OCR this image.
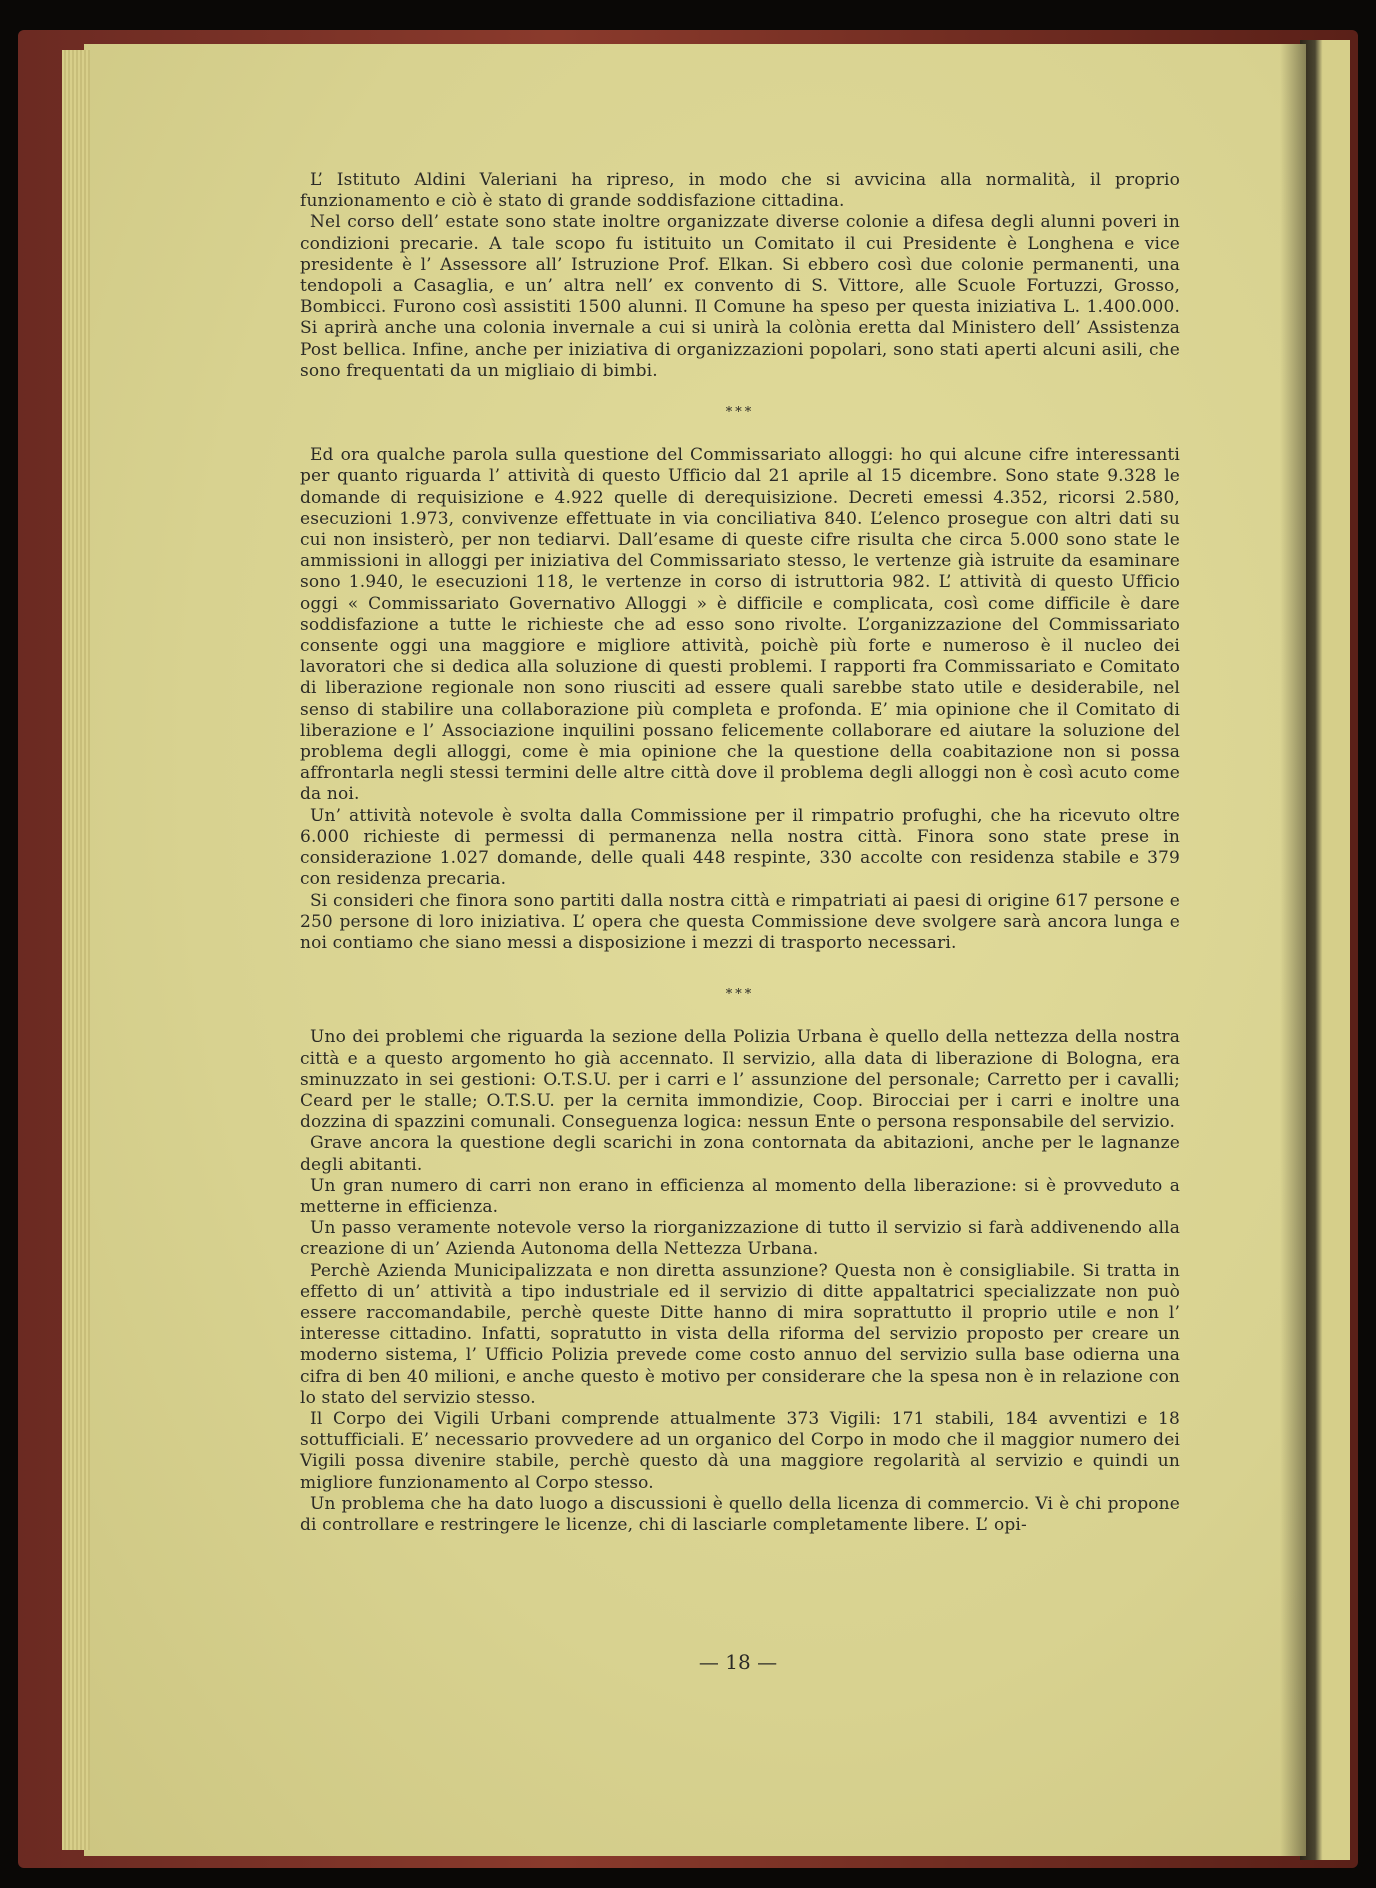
L’ Istituto Aldini Valeriani ha ripreso, in modo che si avvicina alla normalità, il proprio funzionamento e ciò è stato di grande soddisfazione cittadina.

Nel corso dell’ estate sono state inoltre organizzate diverse colonie a difesa degli alunni poveri in condizioni precarie. A tale scopo fu istituito un Comitato il cui Presidente è Longhena e vice presidente è l’ Assessore all’ Istruzione Prof. Elkan. Si ebbero così due colonie permanenti, una tendopoli a Casaglia, e un’ altra nell’ ex convento di S. Vittore, alle Scuole Fortuzzi, Grosso, Bombicci. Furono così assistiti 1500 alunni. Il Comune ha speso per questa iniziativa L. 1.400.000. Si aprirà anche una colonia invernale a cui si unirà la colònia eretta dal Ministero dell’ Assistenza Post bellica. Infine, anche per iniziativa di organizzazioni popolari, sono stati aperti alcuni asili, che sono frequentati da un migliaio di bimbi.

***

Ed ora qualche parola sulla questione del Commissariato alloggi: ho qui alcune cifre interessanti per quanto riguarda l’ attività di questo Ufficio dal 21 aprile al 15 dicembre. Sono state 9.328 le domande di requisizione e 4.922 quelle di derequisizione. Decreti emessi 4.352, ricorsi 2.580, esecuzioni 1.973, convivenze effettuate in via conciliativa 840. L’elenco prosegue con altri dati su cui non insisterò, per non tediarvi. Dall’esame di queste cifre risulta che circa 5.000 sono state le ammissioni in alloggi per iniziativa del Commissariato stesso, le vertenze già istruite da esaminare sono 1.940, le esecuzioni 118, le vertenze in corso di istruttoria 982. L’ attività di questo Ufficio oggi « Commissariato Governativo Alloggi » è difficile e complicata, così come difficile è dare soddisfazione a tutte le richieste che ad esso sono rivolte. L’organizzazione del Commissariato consente oggi una maggiore e migliore attività, poichè più forte e numeroso è il nucleo dei lavoratori che si dedica alla soluzione di questi problemi. I rapporti fra Commissariato e Comitato di liberazione regionale non sono riusciti ad essere quali sarebbe stato utile e desiderabile, nel senso di stabilire una collaborazione più completa e profonda. E’ mia opinione che il Comitato di liberazione e l’ Associazione inquilini possano felicemente collaborare ed aiutare la soluzione del problema degli alloggi, come è mia opinione che la questione della coabitazione non si possa affrontarla negli stessi termini delle altre città dove il problema degli alloggi non è così acuto come da noi.

Un’ attività notevole è svolta dalla Commissione per il rimpatrio profughi, che ha ricevuto oltre 6.000 richieste di permessi di permanenza nella nostra città. Finora sono state prese in considerazione 1.027 domande, delle quali 448 respinte, 330 accolte con residenza stabile e 379 con residenza precaria.

Si consideri che finora sono partiti dalla nostra città e rimpatriati ai paesi di origine 617 persone e 250 persone di loro iniziativa. L’ opera che questa Commissione deve svolgere sarà ancora lunga e noi contiamo che siano messi a disposizione i mezzi di trasporto necessari.

***

Uno dei problemi che riguarda la sezione della Polizia Urbana è quello della nettezza della nostra città e a questo argomento ho già accennato. Il servizio, alla data di liberazione di Bologna, era sminuzzato in sei gestioni: O.T.S.U. per i carri e l’ assunzione del personale; Carretto per i cavalli; Ceard per le stalle; O.T.S.U. per la cernita immondizie, Coop. Birocciai per i carri e inoltre una dozzina di spazzini comunali. Conseguenza logica: nessun Ente o persona responsabile del servizio.

Grave ancora la questione degli scarichi in zona contornata da abitazioni, anche per le lagnanze degli abitanti.

Un gran numero di carri non erano in efficienza al momento della liberazione: si è provveduto a metterne in efficienza.

Un passo veramente notevole verso la riorganizzazione di tutto il servizio si farà addivenendo alla creazione di un’ Azienda Autonoma della Nettezza Urbana.

Perchè Azienda Municipalizzata e non diretta assunzione? Questa non è consigliabile. Si tratta in effetto di un’ attività a tipo industriale ed il servizio di ditte appaltatrici specializzate non può essere raccomandabile, perchè queste Ditte hanno di mira soprattutto il proprio utile e non l’ interesse cittadino. Infatti, sopratutto in vista della riforma del servizio proposto per creare un moderno sistema, l’ Ufficio Polizia prevede come costo annuo del servizio sulla base odierna una cifra di ben 40 milioni, e anche questo è motivo per considerare che la spesa non è in relazione con lo stato del servizio stesso.

Il Corpo dei Vigili Urbani comprende attualmente 373 Vigili: 171 stabili, 184 avventizi e 18 sottufficiali. E’ necessario provvedere ad un organico del Corpo in modo che il maggior numero dei Vigili possa divenire stabile, perchè questo dà una maggiore regolarità al servizio e quindi un migliore funzionamento al Corpo stesso.

Un problema che ha dato luogo a discussioni è quello della licenza di commercio. Vi è chi propone di controllare e restringere le licenze, chi di lasciarle completamente libere. L’ opi-

— 18 —
